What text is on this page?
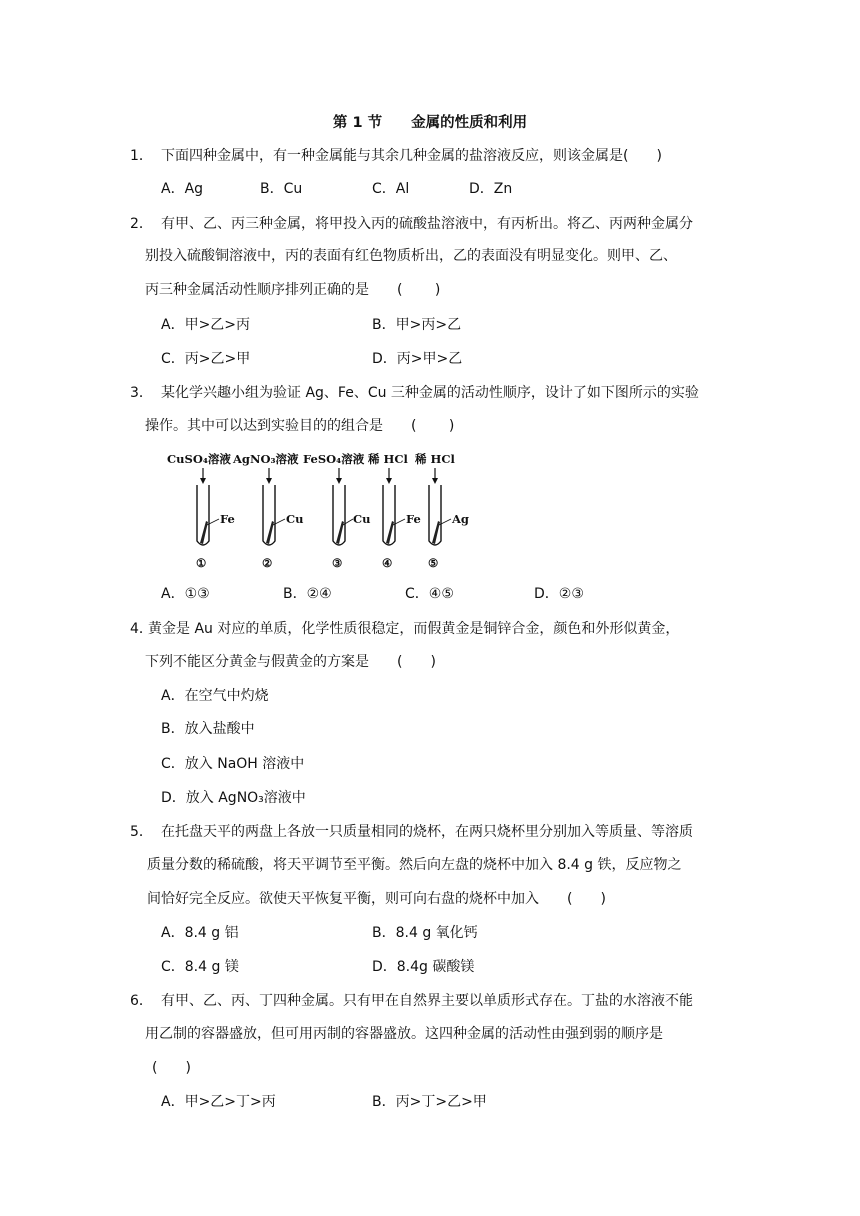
第 1 节　　金属的性质和利用
1． 下面四种金属中，有一种金属能与其余几种金属的盐溶液反应，则该金属是(　　)
A．Ag	B．Cu	C．Al	D．Zn
2． 有甲、乙、丙三种金属，将甲投入丙的硫酸盐溶液中，有丙析出。将乙、丙两种金属分
别投入硫酸铜溶液中，丙的表面有红色物质析出，乙的表面没有明显变化。则甲、乙、
丙三种金属活动性顺序排列正确的是　　(　　 )
A．甲>乙>丙	B．甲>丙>乙
C．丙>乙>甲	D．丙>甲>乙
3． 某化学兴趣小组为验证 Ag、Fe、Cu 三种金属的活动性顺序，设计了如下图所示的实验
操作。其中可以达到实验目的的组合是　　(　　 )
CuSO₄溶液
Fe
①
AgNO₃溶液
Cu
②
FeSO₄溶液
Cu
③
稀 HCl
Fe
④
稀 HCl
Ag
⑤
A．①③	B．②④	C．④⑤	D．②③
4．
黄金是 Au 对应的单质，化学性质很稳定，而假黄金是铜锌合金，颜色和外形似黄金，
下列不能区分黄金与假黄金的方案是　　(　　)
A．在空气中灼烧
B．放入盐酸中
C．放入 NaOH 溶液中
D．放入 AgNO₃溶液中
5． 在托盘天平的两盘上各放一只质量相同的烧杯，在两只烧杯里分别加入等质量、等溶质
质量分数的稀硫酸，将天平调节至平衡。然后向左盘的烧杯中加入 8.4 g 铁，反应物之
间恰好完全反应。欲使天平恢复平衡，则可向右盘的烧杯中加入　　(　　)
A．8.4 g 铝	B．8.4 g 氧化钙
C．8.4 g 镁	D．8.4g 碳酸镁
6． 有甲、乙、丙、丁四种金属。只有甲在自然界主要以单质形式存在。丁盐的水溶液不能
用乙制的容器盛放，但可用丙制的容器盛放。这四种金属的活动性由强到弱的顺序是
(　　)
A．甲>乙>丁>丙	B．丙>丁>乙>甲
